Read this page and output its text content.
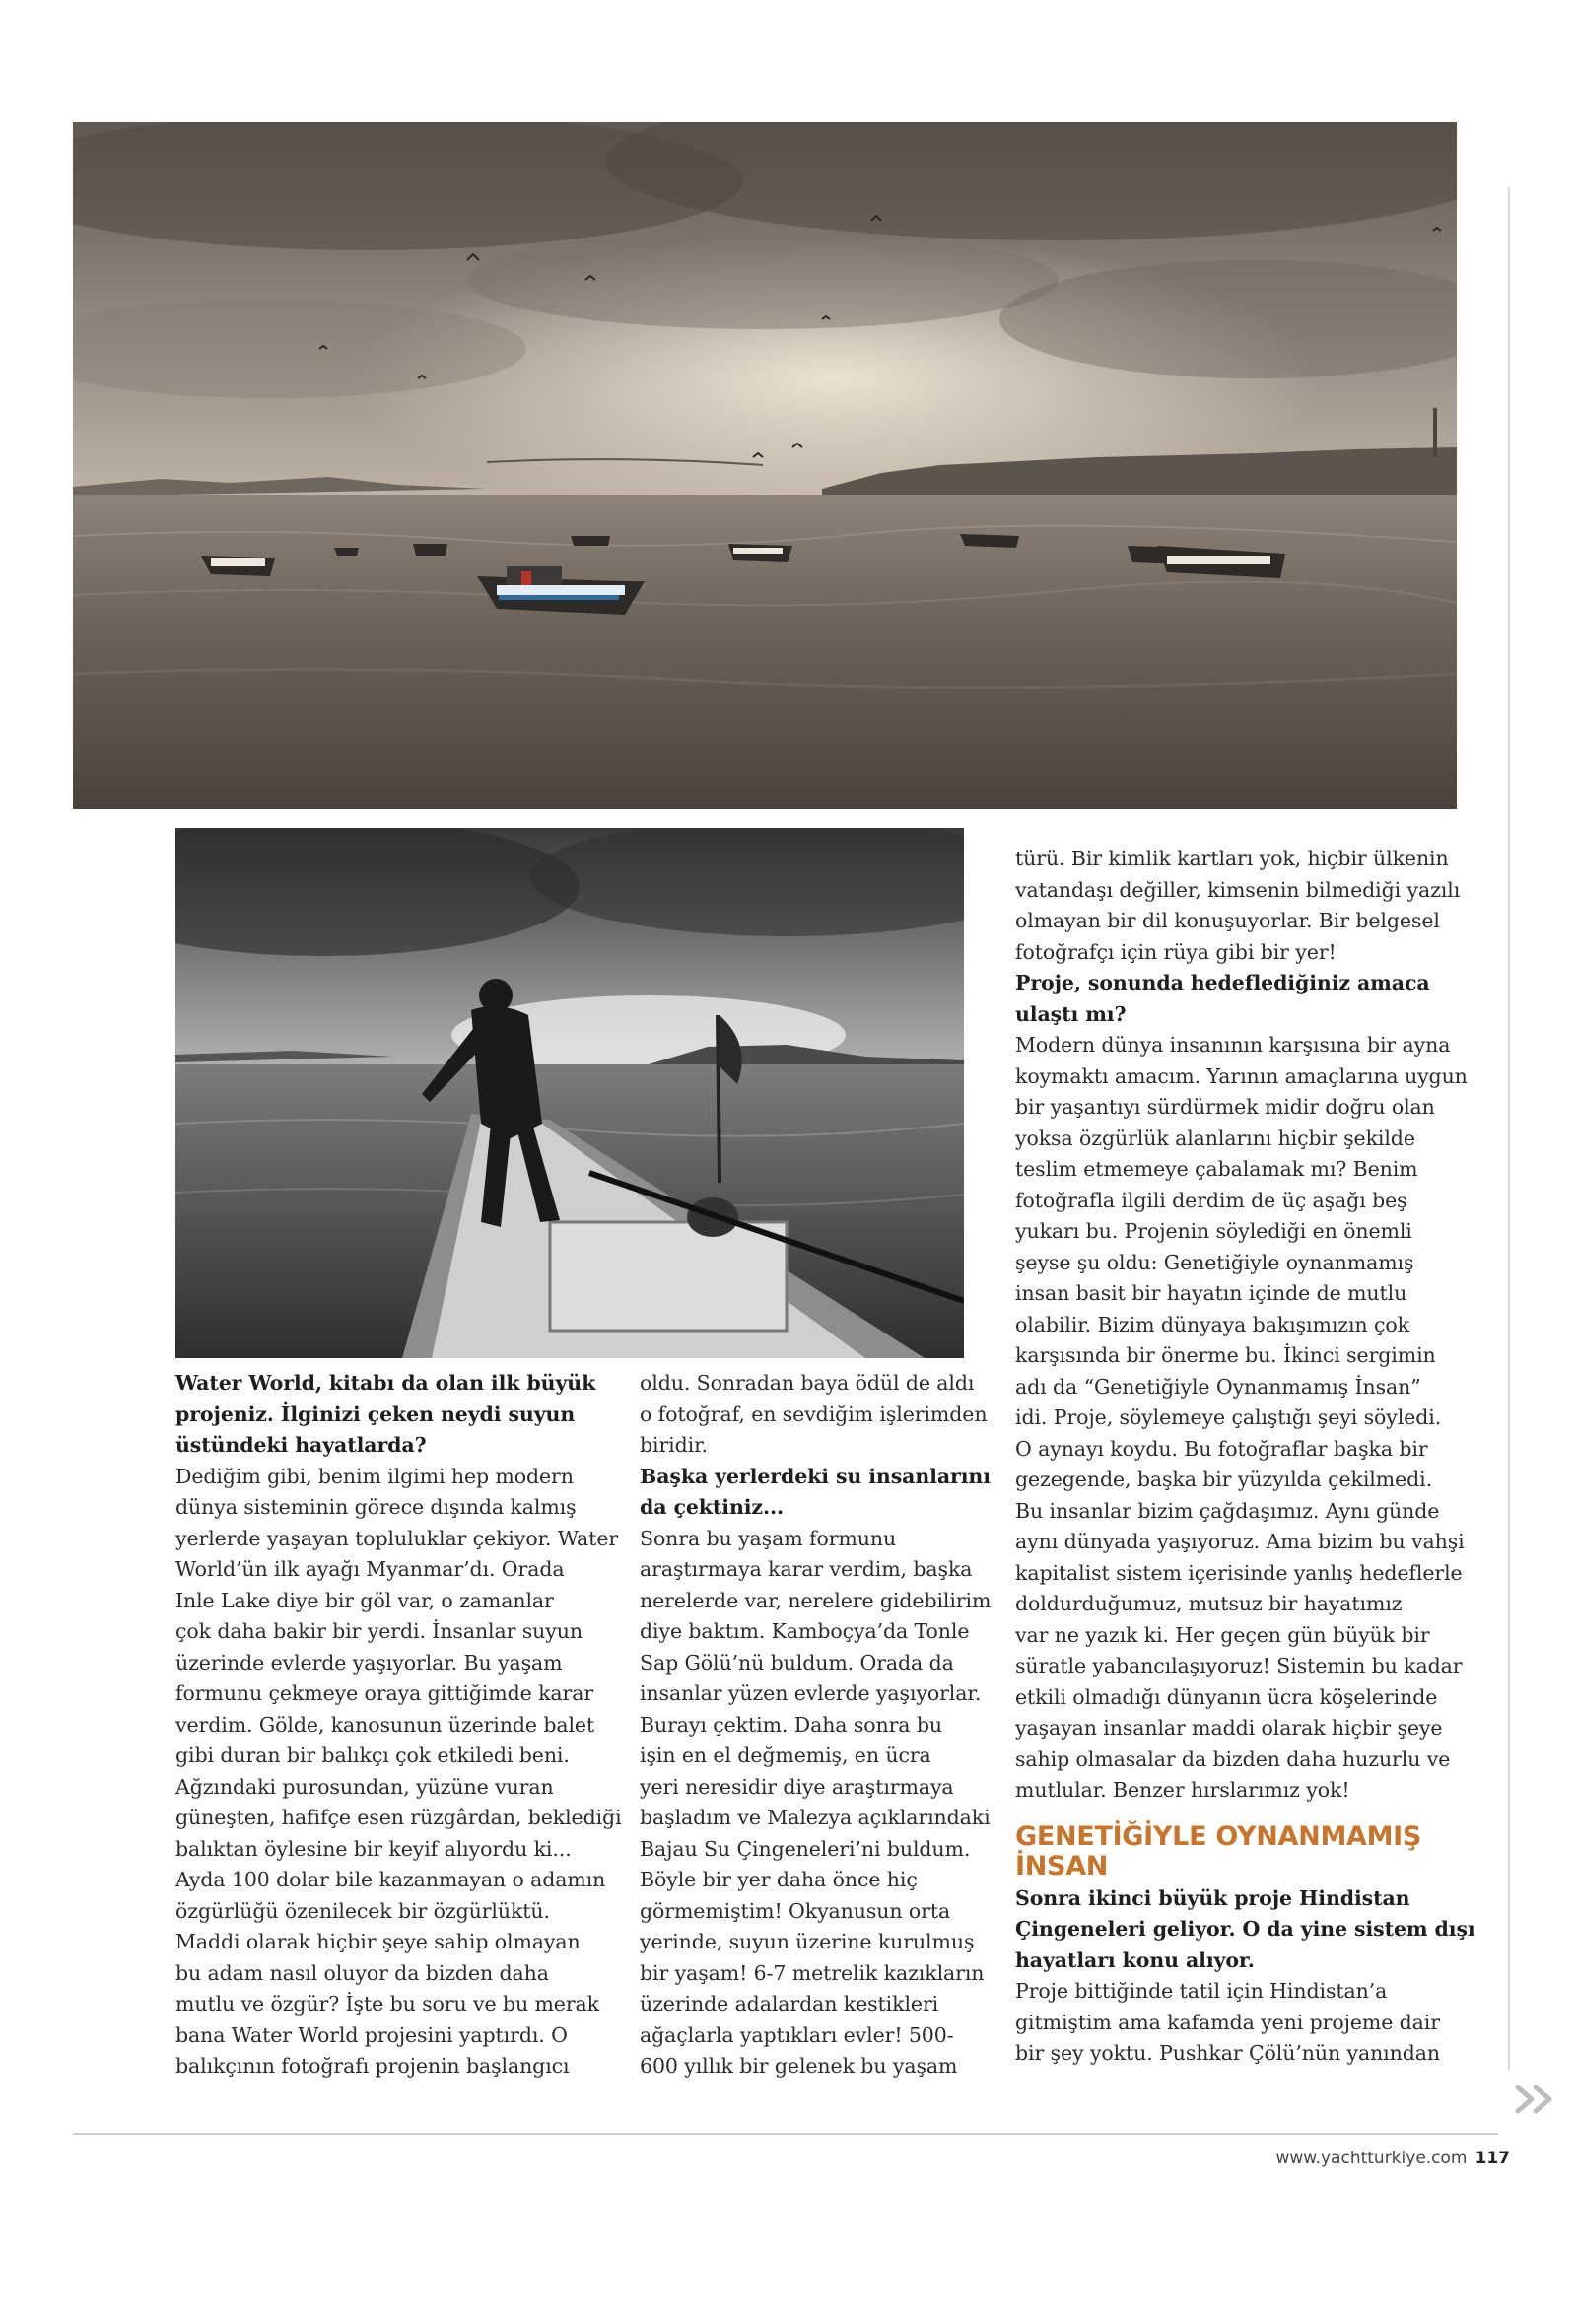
Water World, kitabı da olan ilk büyük
projeniz. İlginizi çeken neydi suyun
üstündeki hayatlarda?

Dediğim gibi, benim ilgimi hep modern
dünya sisteminin görece dışında kalmış
yerlerde yaşayan topluluklar çekiyor. Water
World’ün ilk ayağı Myanmar’dı. Orada
Inle Lake diye bir göl var, o zamanlar
çok daha bakir bir yerdi. İnsanlar suyun
üzerinde evlerde yaşıyorlar. Bu yaşam
formunu çekmeye oraya gittiğimde karar
verdim. Gölde, kanosunun üzerinde balet
gibi duran bir balıkçı çok etkiledi beni.
Ağzındaki purosundan, yüzüne vuran
güneşten, hafifçe esen rüzgârdan, beklediği
balıktan öylesine bir keyif alıyordu ki...
Ayda 100 dolar bile kazanmayan o adamın
özgürlüğü özenilecek bir özgürlüktü.
Maddi olarak hiçbir şeye sahip olmayan
bu adam nasıl oluyor da bizden daha
mutlu ve özgür? İşte bu soru ve bu merak
bana Water World projesini yaptırdı. O
balıkçının fotoğrafı projenin başlangıcı

oldu. Sonradan baya ödül de aldı
o fotoğraf, en sevdiğim işlerimden
biridir.

Başka yerlerdeki su insanlarını
da çektiniz...

Sonra bu yaşam formunu
araştırmaya karar verdim, başka
nerelerde var, nerelere gidebilirim
diye baktım. Kamboçya’da Tonle
Sap Gölü’nü buldum. Orada da
insanlar yüzen evlerde yaşıyorlar.
Burayı çektim. Daha sonra bu
işin en el değmemiş, en ücra
yeri neresidir diye araştırmaya
başladım ve Malezya açıklarındaki
Bajau Su Çingeneleri’ni buldum.
Böyle bir yer daha önce hiç
görmemiştim! Okyanusun orta
yerinde, suyun üzerine kurulmuş
bir yaşam! 6-7 metrelik kazıkların
üzerinde adalardan kestikleri
ağaçlarla yaptıkları evler! 500-
600 yıllık bir gelenek bu yaşam

türü. Bir kimlik kartları yok, hiçbir ülkenin
vatandaşı değiller, kimsenin bilmediği yazılı
olmayan bir dil konuşuyorlar. Bir belgesel
fotoğrafçı için rüya gibi bir yer!

Proje, sonunda hedeflediğiniz amaca
ulaştı mı?

Modern dünya insanının karşısına bir ayna
koymaktı amacım. Yarının amaçlarına uygun
bir yaşantıyı sürdürmek midir doğru olan
yoksa özgürlük alanlarını hiçbir şekilde
teslim etmemeye çabalamak mı? Benim
fotoğrafla ilgili derdim de üç aşağı beş
yukarı bu. Projenin söylediği en önemli
şeyse şu oldu: Genetiğiyle oynanmamış
insan basit bir hayatın içinde de mutlu
olabilir. Bizim dünyaya bakışımızın çok
karşısında bir önerme bu. İkinci sergimin
adı da “Genetiğiyle Oynanmamış İnsan”
idi. Proje, söylemeye çalıştığı şeyi söyledi.
O aynayı koydu. Bu fotoğraflar başka bir
gezegende, başka bir yüzyılda çekilmedi.
Bu insanlar bizim çağdaşımız. Aynı günde
aynı dünyada yaşıyoruz. Ama bizim bu vahşi
kapitalist sistem içerisinde yanlış hedeflerle
doldurduğumuz, mutsuz bir hayatımız
var ne yazık ki. Her geçen gün büyük bir
süratle yabancılaşıyoruz! Sistemin bu kadar
etkili olmadığı dünyanın ücra köşelerinde
yaşayan insanlar maddi olarak hiçbir şeye
sahip olmasalar da bizden daha huzurlu ve
mutlular. Benzer hırslarımız yok!

GENETİĞİYLE OYNANMAMIŞ
İNSAN

Sonra ikinci büyük proje Hindistan
Çingeneleri geliyor. O da yine sistem dışı
hayatları konu alıyor.

Proje bittiğinde tatil için Hindistan’a
gitmiştim ama kafamda yeni projeme dair
bir şey yoktu. Pushkar Çölü’nün yanından

www.yachtturkiye.com 117
